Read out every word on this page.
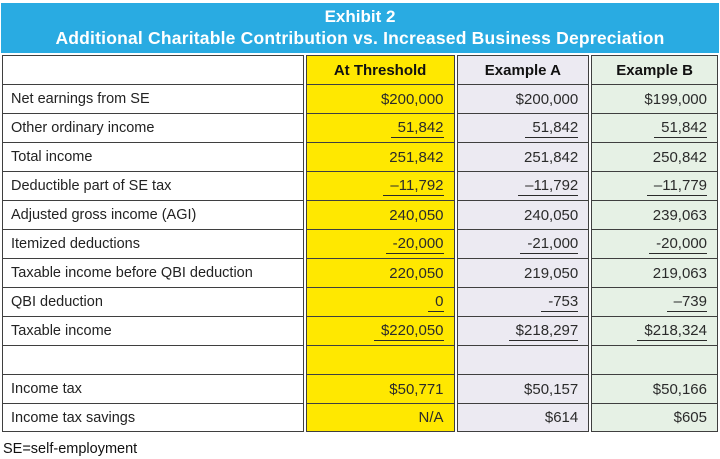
Exhibit 2
Additional Charitable Contribution vs. Increased Business Depreciation
	At Threshold	Example A	Example B
Net earnings from SE	$200,000	$200,000	$199,000
Other ordinary income	51,842	51,842	51,842
Total income	251,842	251,842	250,842
Deductible part of SE tax	–11,792	–11,792	–11,779
Adjusted gross income (AGI)	240,050	240,050	239,063
Itemized deductions	-20,000	-21,000	-20,000
Taxable income before QBI deduction	220,050	219,050	219,063
QBI deduction	0	-753	–739
Taxable income	$220,050	$218,297	$218,324

Income tax	$50,771	$50,157	$50,166
Income tax savings	N/A	$614	$605
SE=self-employment
